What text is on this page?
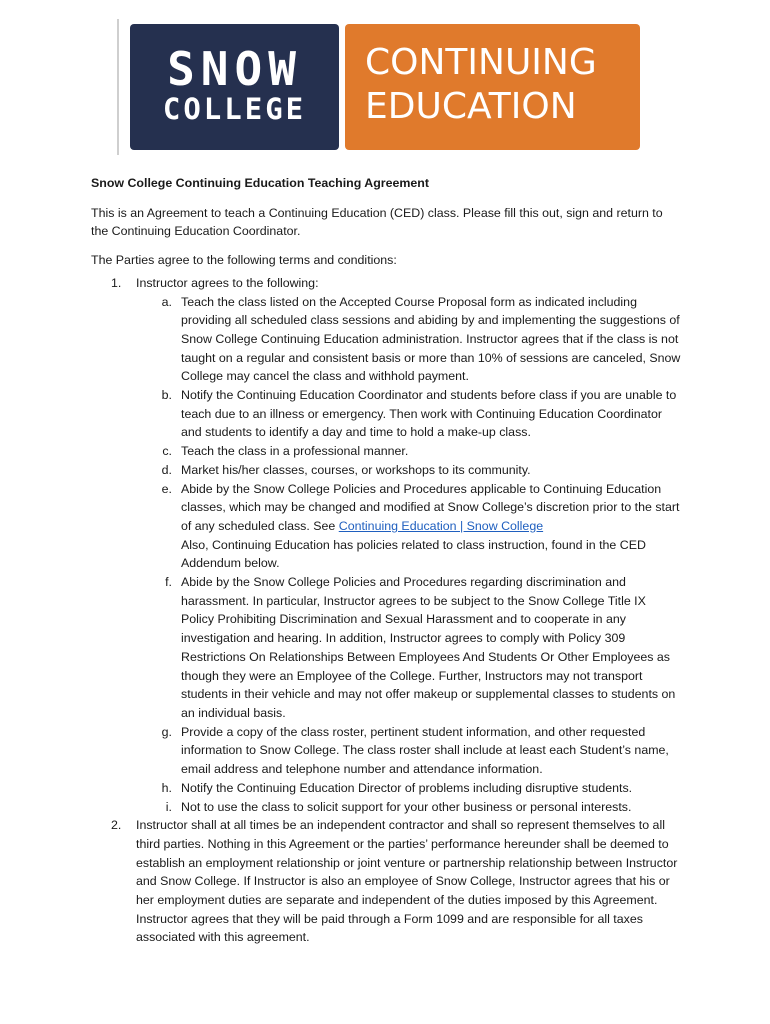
SNOW
COLLEGE
CONTINUING
EDUCATION

Snow College Continuing Education Teaching Agreement

This is an Agreement to teach a Continuing Education (CED) class. Please fill this out, sign and return to the Continuing Education Coordinator.

The Parties agree to the following terms and conditions:

1. Instructor agrees to the following:
a. Teach the class listed on the Accepted Course Proposal form as indicated including providing all scheduled class sessions and abiding by and implementing the suggestions of Snow College Continuing Education administration. Instructor agrees that if the class is not taught on a regular and consistent basis or more than 10% of sessions are canceled, Snow College may cancel the class and withhold payment.
b. Notify the Continuing Education Coordinator and students before class if you are unable to teach due to an illness or emergency. Then work with Continuing Education Coordinator and students to identify a day and time to hold a make-up class.
c. Teach the class in a professional manner.
d. Market his/her classes, courses, or workshops to its community.
e. Abide by the Snow College Policies and Procedures applicable to Continuing Education classes, which may be changed and modified at Snow College’s discretion prior to the start of any scheduled class. See Continuing Education | Snow College
Also, Continuing Education has policies related to class instruction, found in the CED Addendum below.
f. Abide by the Snow College Policies and Procedures regarding discrimination and harassment. In particular, Instructor agrees to be subject to the Snow College Title IX Policy Prohibiting Discrimination and Sexual Harassment and to cooperate in any investigation and hearing. In addition, Instructor agrees to comply with Policy 309 Restrictions On Relationships Between Employees And Students Or Other Employees as though they were an Employee of the College. Further, Instructors may not transport students in their vehicle and may not offer makeup or supplemental classes to students on an individual basis.
g. Provide a copy of the class roster, pertinent student information, and other requested information to Snow College. The class roster shall include at least each Student’s name, email address and telephone number and attendance information.
h. Notify the Continuing Education Director of problems including disruptive students.
i. Not to use the class to solicit support for your other business or personal interests.
2. Instructor shall at all times be an independent contractor and shall so represent themselves to all third parties. Nothing in this Agreement or the parties’ performance hereunder shall be deemed to establish an employment relationship or joint venture or partnership relationship between Instructor and Snow College. If Instructor is also an employee of Snow College, Instructor agrees that his or her employment duties are separate and independent of the duties imposed by this Agreement. Instructor agrees that they will be paid through a Form 1099 and are responsible for all taxes associated with this agreement.
